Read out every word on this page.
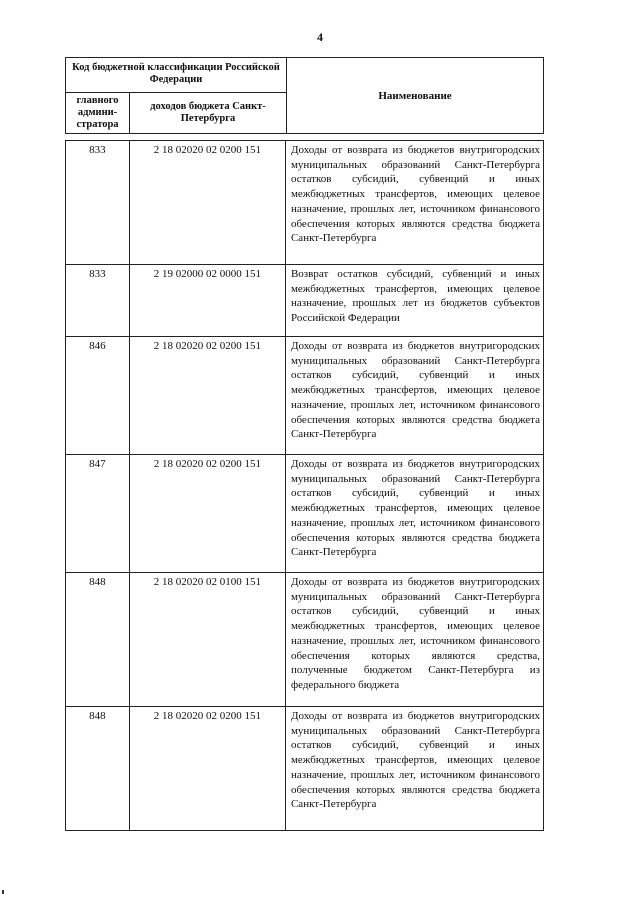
4
Код бюджетной классификации Российской Федерации		Наименование
главного админи-стратора	доходов бюджета Санкт-Петербурга	
833	2 18 02020 02 0200 151	Доходы от возврата из бюджетов внутригородских муниципальных образований Санкт-Петербурга остатков субсидий, субвенций и иных межбюджетных трансфертов, имеющих целевое назначение, прошлых лет, источником финансового обеспечения которых являются средства бюджета Санкт-Петербурга
833	2 19 02000 02 0000 151	Возврат остатков субсидий, субвенций и иных межбюджетных трансфертов, имеющих целевое назначение, прошлых лет из бюджетов субъектов Российской Федерации
846	2 18 02020 02 0200 151	Доходы от возврата из бюджетов внутригородских муниципальных образований Санкт-Петербурга остатков субсидий, субвенций и иных межбюджетных трансфертов, имеющих целевое назначение, прошлых лет, источником финансового обеспечения которых являются средства бюджета Санкт-Петербурга
847	2 18 02020 02 0200 151	Доходы от возврата из бюджетов внутригородских муниципальных образований Санкт-Петербурга остатков субсидий, субвенций и иных межбюджетных трансфертов, имеющих целевое назначение, прошлых лет, источником финансового обеспечения которых являются средства бюджета Санкт-Петербурга
848	2 18 02020 02 0100 151	Доходы от возврата из бюджетов внутригородских муниципальных образований Санкт-Петербурга остатков субсидий, субвенций и иных межбюджетных трансфертов, имеющих целевое назначение, прошлых лет, источником финансового обеспечения которых являются средства, полученные бюджетом Санкт-Петербурга из федерального бюджета
848	2 18 02020 02 0200 151	Доходы от возврата из бюджетов внутригородских муниципальных образований Санкт-Петербурга остатков субсидий, субвенций и иных межбюджетных трансфертов, имеющих целевое назначение, прошлых лет, источником финансового обеспечения которых являются средства бюджета Санкт-Петербурга
